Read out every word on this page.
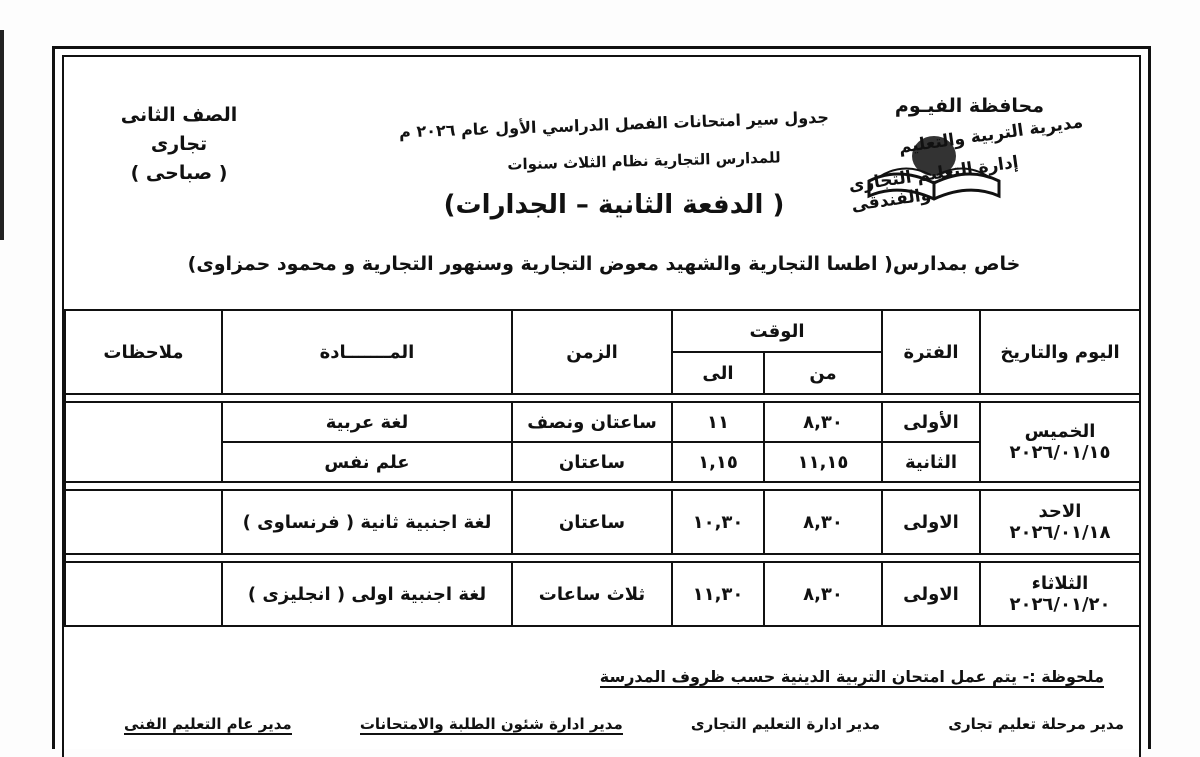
محافظة الفيـوم
مديرية التربية والتعليم
إدارة التعليم التجارى والفندقى
الصف الثانى
تجارى
( صباحى )
جدول سير امتحانات الفصل الدراسي الأول عام ٢٠٢٦ م
للمدارس التجارية نظام الثلاث سنوات
(الدفعة الثانية – الجدارات )
خاص بمدارس( اطسا التجارية والشهيد معوض التجارية وسنهور التجارية و محمود حمزاوى)
اليوم والتاريخ	الفترة	الوقت		الزمن	المـــــــادة	ملاحظات
		من	الى			

الخميس
٢٠٢٦/٠١/١٥	الأولى	٨,٣٠	١١	ساعتان ونصف	لغة عربية	
	الثانية	١١,١٥	١,١٥	ساعتان	علم نفس	

الاحد
٢٠٢٦/٠١/١٨	الاولى	٨,٣٠	١٠,٣٠	ساعتان	لغة اجنبية ثانية ( فرنساوى )	

الثلاثاء
٢٠٢٦/٠١/٢٠	الاولى	٨,٣٠	١١,٣٠	ثلاث ساعات	لغة اجنبية اولى ( انجليزى )	
ملحوظة :- يتم عمل امتحان التربية الدينية حسب ظروف المدرسة
مدير مرحلة تعليم تجارى
مدير ادارة التعليم التجارى
مدير ادارة شئون الطلبة والامتحانات
مدير عام التعليم الفنى
